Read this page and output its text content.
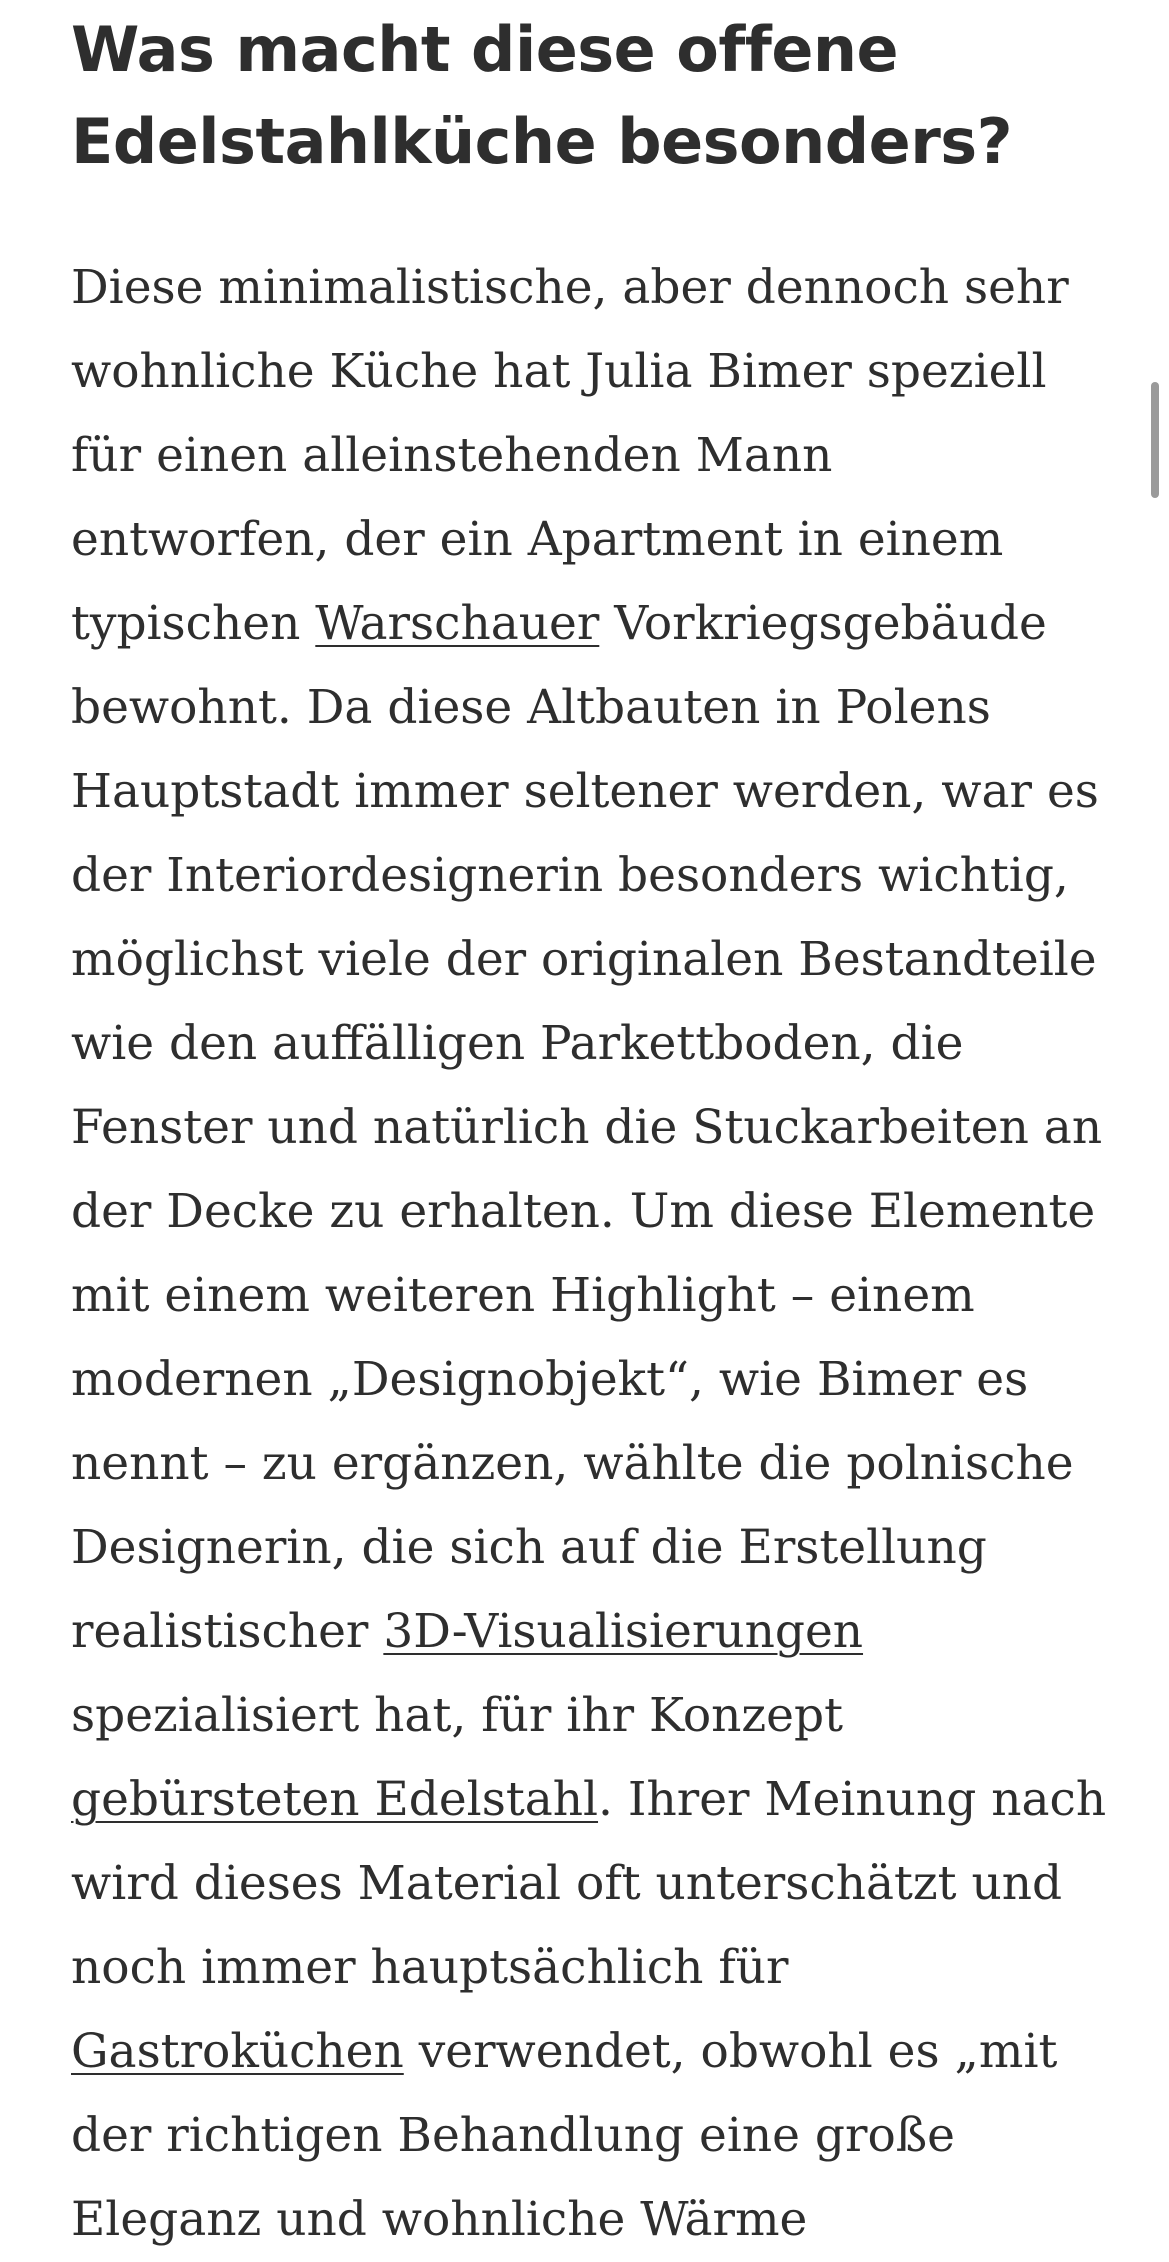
Was macht diese offene
Edelstahlküche besonders?

Diese minimalistische, aber dennoch sehr
wohnliche Küche hat Julia Bimer speziell
für einen alleinstehenden Mann
entworfen, der ein Apartment in einem
typischen Warschauer Vorkriegsgebäude
bewohnt. Da diese Altbauten in Polens
Hauptstadt immer seltener werden, war es
der Interiordesignerin besonders wichtig,
möglichst viele der originalen Bestandteile
wie den auffälligen Parkettboden, die
Fenster und natürlich die Stuckarbeiten an
der Decke zu erhalten. Um diese Elemente
mit einem weiteren Highlight – einem
modernen „Designobjekt“, wie Bimer es
nennt – zu ergänzen, wählte die polnische
Designerin, die sich auf die Erstellung
realistischer 3D-Visualisierungen
spezialisiert hat, für ihr Konzept
gebürsteten Edelstahl. Ihrer Meinung nach
wird dieses Material oft unterschätzt und
noch immer hauptsächlich für
Gastroküchen verwendet, obwohl es „mit
der richtigen Behandlung eine große
Eleganz und wohnliche Wärme
